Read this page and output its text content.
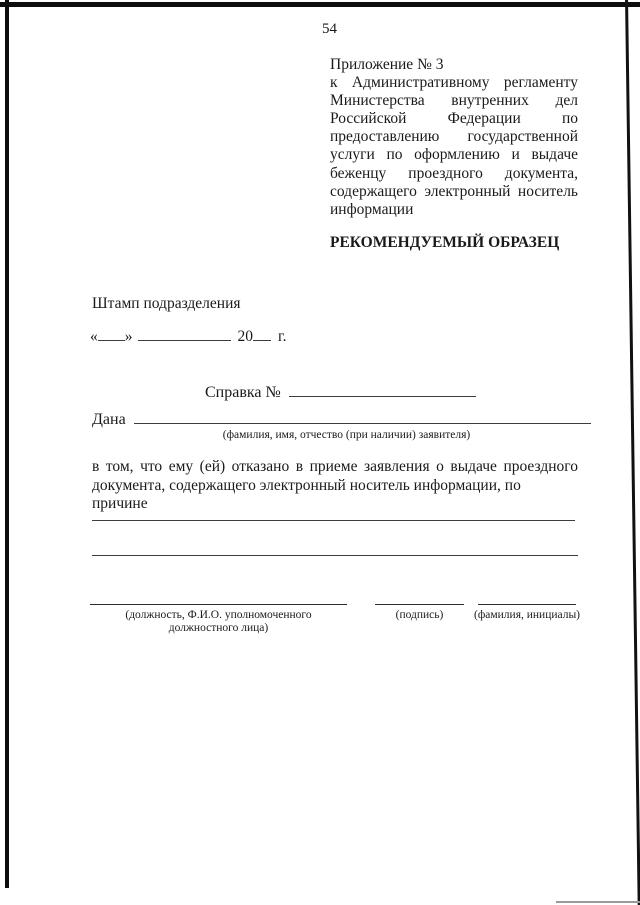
54
Приложение № 3
к Административному регламенту
Министерства внутренних дел
Российской Федерации по
предоставлению государственной
услуги по оформлению и выдаче
беженцу проездного документа,
содержащего электронный носитель
информации
РЕКОМЕНДУЕМЫЙ ОБРАЗЕЦ
Штамп подразделения
« »	20 г.
Справка №
Дана
(фамилия, имя, отчество (при наличии) заявителя)
в том, что ему (ей) отказано в приеме заявления о выдаче проездного
документа, содержащего электронный носитель информации, по причине
(должность, Ф.И.О. уполномоченного должностного лица)
(подпись)	(фамилия, инициалы)
